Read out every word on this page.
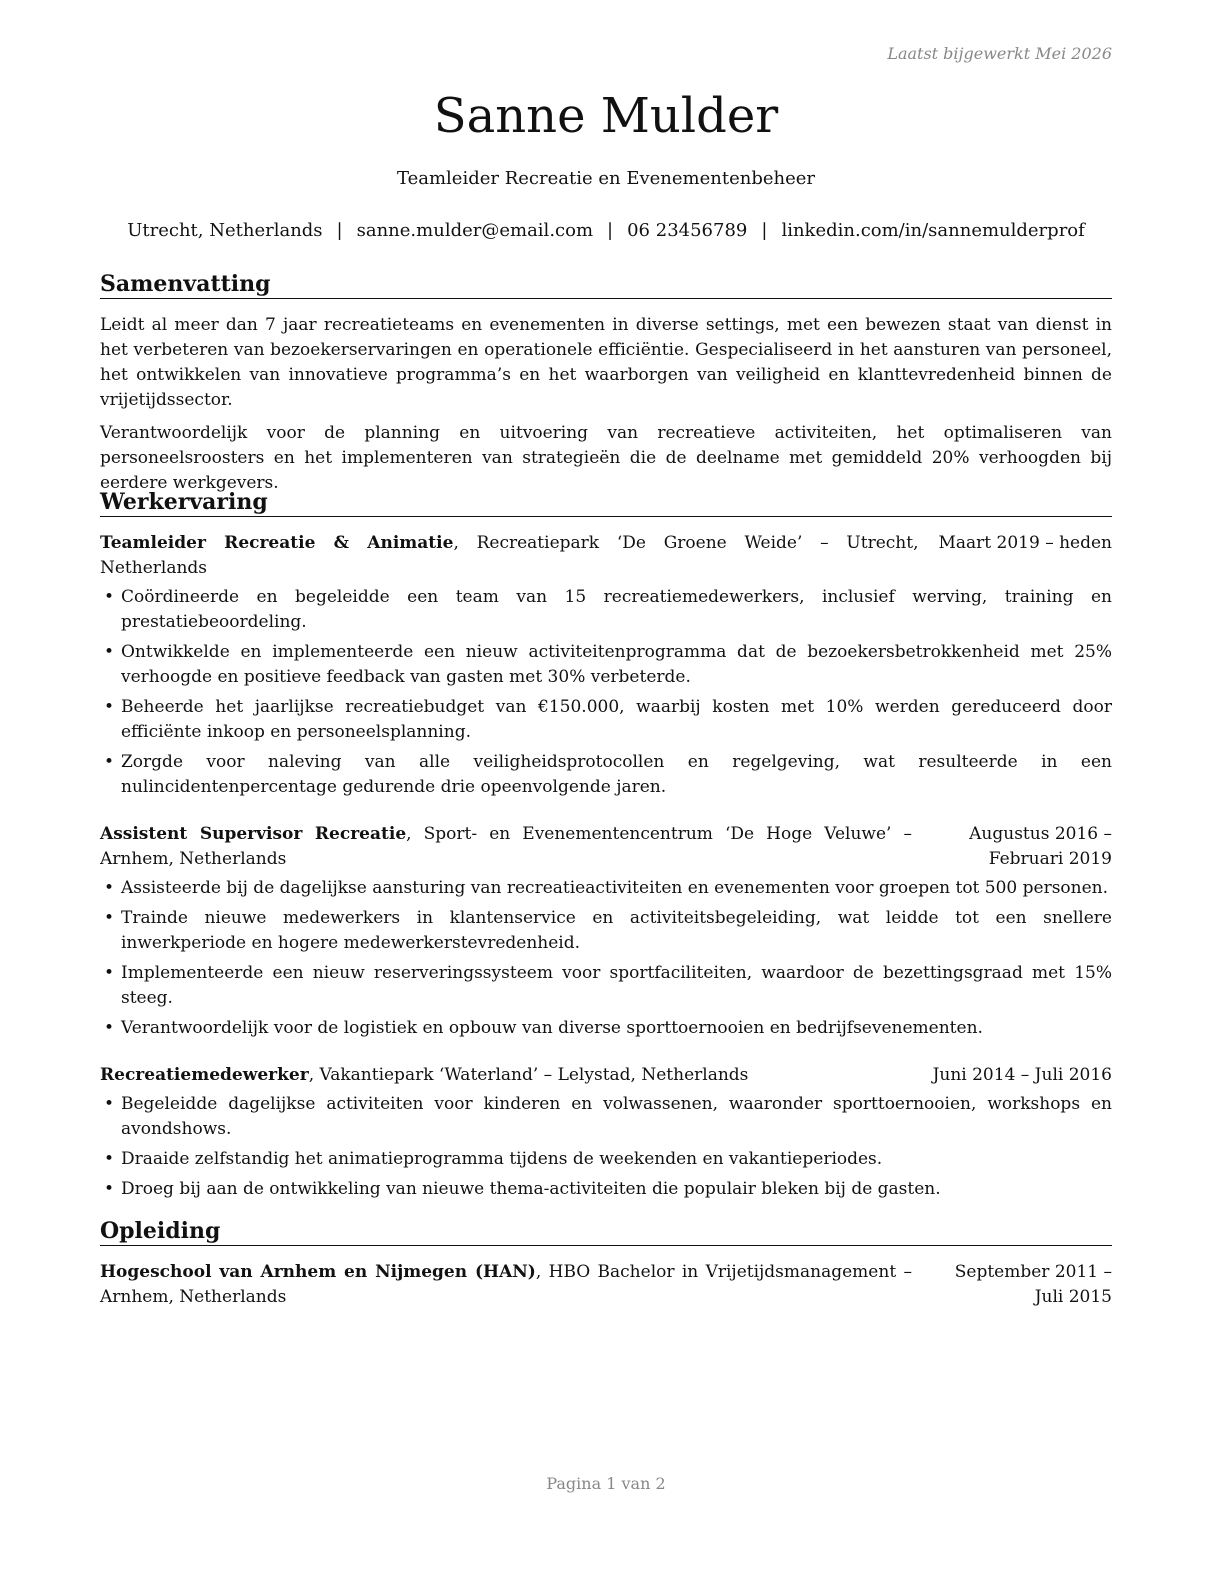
Laatst bijgewerkt Mei 2026
Sanne Mulder
Teamleider Recreatie en Evenementenbeheer
Utrecht, Netherlands | sanne.mulder@email.com | 06 23456789 | linkedin.com/in/sannemulderprof
Samenvatting

Leidt al meer dan 7 jaar recreatieteams en evenementen in diverse settings, met een bewezen staat van dienst in het verbeteren van bezoekerservaringen en operationele efficiëntie. Gespecialiseerd in het aansturen van personeel, het ontwikkelen van innovatieve programma’s en het waarborgen van veiligheid en klanttevredenheid binnen de vrijetijdssector.

Verantwoordelijk voor de planning en uitvoering van recreatieve activiteiten, het optimaliseren van personeelsroosters en het implementeren van strategieën die de deelname met gemiddeld 20% verhoogden bij eerdere werkgevers.

Werkervaring
Teamleider Recreatie & Animatie, Recreatiepark ‘De Groene Weide’ – Utrecht, Netherlands
Maart 2019 – heden
• Coördineerde en begeleidde een team van 15 recreatiemedewerkers, inclusief werving, training en prestatiebeoordeling.
• Ontwikkelde en implementeerde een nieuw activiteitenprogramma dat de bezoekersbetrokkenheid met 25% verhoogde en positieve feedback van gasten met 30% verbeterde.
• Beheerde het jaarlijkse recreatiebudget van €150.000, waarbij kosten met 10% werden gereduceerd door efficiënte inkoop en personeelsplanning.
• Zorgde voor naleving van alle veiligheidsprotocollen en regelgeving, wat resulteerde in een nulincidentenpercentage gedurende drie opeenvolgende jaren.
Assistent Supervisor Recreatie, Sport- en Evenementencentrum ‘De Hoge Veluwe’ – Arnhem, Netherlands
Augustus 2016 – Februari 2019
• Assisteerde bij de dagelijkse aansturing van recreatieactiviteiten en evenementen voor groepen tot 500 personen.
• Trainde nieuwe medewerkers in klantenservice en activiteitsbegeleiding, wat leidde tot een snellere inwerkperiode en hogere medewerkerstevredenheid.
• Implementeerde een nieuw reserveringssysteem voor sportfaciliteiten, waardoor de bezettingsgraad met 15% steeg.
• Verantwoordelijk voor de logistiek en opbouw van diverse sporttoernooien en bedrijfsevenementen.
Recreatiemedewerker, Vakantiepark ‘Waterland’ – Lelystad, Netherlands	Juni 2014 – Juli 2016
• Begeleidde dagelijkse activiteiten voor kinderen en volwassenen, waaronder sporttoernooien, workshops en avondshows.
• Draaide zelfstandig het animatieprogramma tijdens de weekenden en vakantieperiodes.
• Droeg bij aan de ontwikkeling van nieuwe thema-activiteiten die populair bleken bij de gasten.
Opleiding
Hogeschool van Arnhem en Nijmegen (HAN), HBO Bachelor in Vrijetijdsmanagement – Arnhem, Netherlands
September 2011 – Juli 2015
Pagina 1 van 2
